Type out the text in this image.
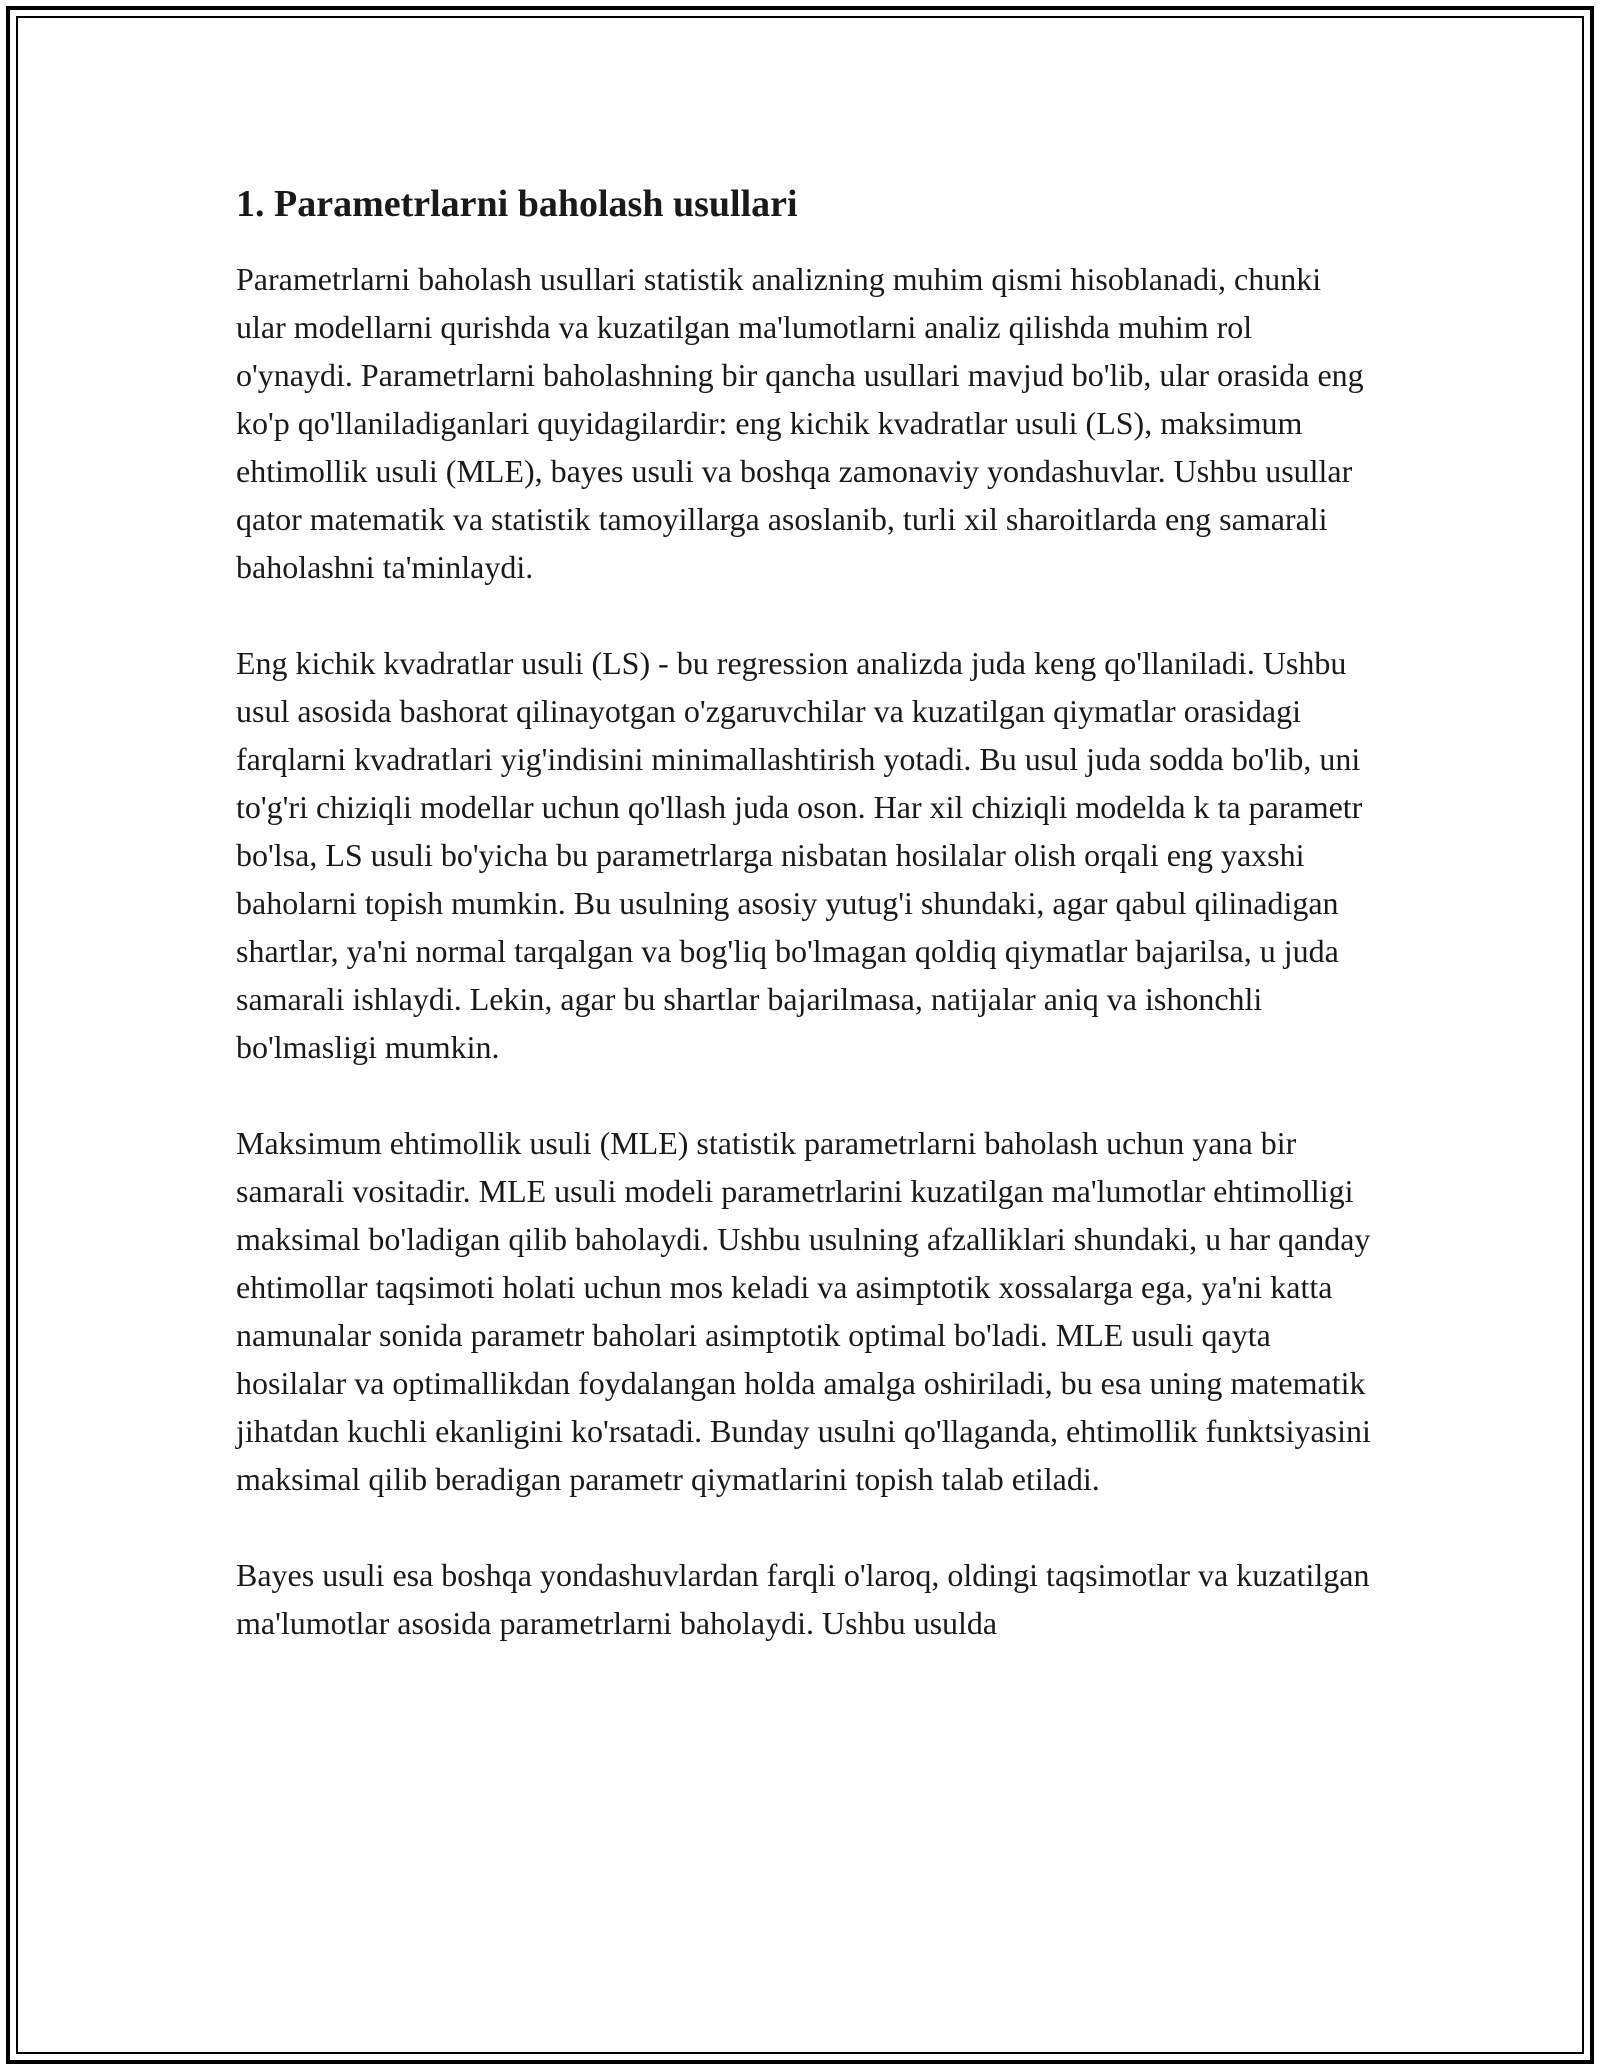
1. Parametrlarni baholash usullari

Parametrlarni baholash usullari statistik analizning muhim qismi hisoblanadi, chunki ular modellarni qurishda va kuzatilgan ma'lumotlarni analiz qilishda muhim rol o'ynaydi. Parametrlarni baholashning bir qancha usullari mavjud bo'lib, ular orasida eng ko'p qo'llaniladiganlari quyidagilardir: eng kichik kvadratlar usuli (LS), maksimum ehtimollik usuli (MLE), bayes usuli va boshqa zamonaviy yondashuvlar. Ushbu usullar qator matematik va statistik tamoyillarga asoslanib, turli xil sharoitlarda eng samarali baholashni ta'minlaydi.

Eng kichik kvadratlar usuli (LS) - bu regression analizda juda keng qo'llaniladi. Ushbu usul asosida bashorat qilinayotgan o'zgaruvchilar va kuzatilgan qiymatlar orasidagi farqlarni kvadratlari yig'indisini minimallashtirish yotadi. Bu usul juda sodda bo'lib, uni to'g'ri chiziqli modellar uchun qo'llash juda oson. Har xil chiziqli modelda k ta parametr bo'lsa, LS usuli bo'yicha bu parametrlarga nisbatan hosilalar olish orqali eng yaxshi baholarni topish mumkin. Bu usulning asosiy yutug'i shundaki, agar qabul qilinadigan shartlar, ya'ni normal tarqalgan va bog'liq bo'lmagan qoldiq qiymatlar bajarilsa, u juda samarali ishlaydi. Lekin, agar bu shartlar bajarilmasa, natijalar aniq va ishonchli bo'lmasligi mumkin.

Maksimum ehtimollik usuli (MLE) statistik parametrlarni baholash uchun yana bir samarali vositadir. MLE usuli modeli parametrlarini kuzatilgan ma'lumotlar ehtimolligi maksimal bo'ladigan qilib baholaydi. Ushbu usulning afzalliklari shundaki, u har qanday ehtimollar taqsimoti holati uchun mos keladi va asimptotik xossalarga ega, ya'ni katta namunalar sonida parametr baholari asimptotik optimal bo'ladi. MLE usuli qayta hosilalar va optimallikdan foydalangan holda amalga oshiriladi, bu esa uning matematik jihatdan kuchli ekanligini ko'rsatadi. Bunday usulni qo'llaganda, ehtimollik funktsiyasini maksimal qilib beradigan parametr qiymatlarini topish talab etiladi.

Bayes usuli esa boshqa yondashuvlardan farqli o'laroq, oldingi taqsimotlar va kuzatilgan ma'lumotlar asosida parametrlarni baholaydi. Ushbu usulda
